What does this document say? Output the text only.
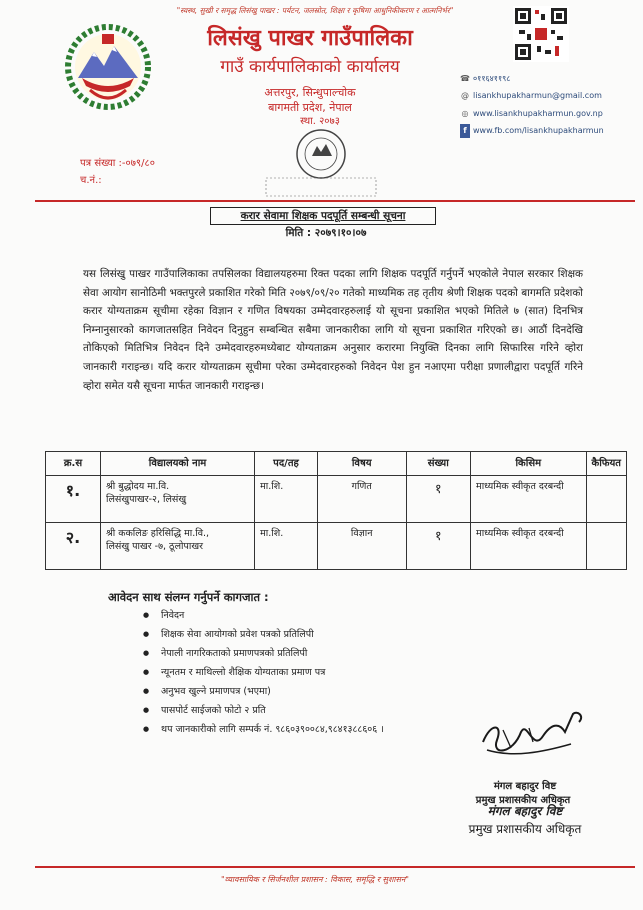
"स्वस्थ, सुखी र समृद्ध लिसंखु पाखर : पर्यटन, जलस्रोत, शिक्षा र कृषिमा आधुनिकीकरण र आत्मनिर्भर"
लिसंखु पाखर गाउँपालिका
गाउँ कार्यपालिकाको कार्यालय
अत्तरपुर, सिन्धुपाल्चोक
बागमती प्रदेश, नेपाल
स्था. २०७३
☎ ०११६४११९८
@ lisankhupakharmun@gmail.com
◎ www.lisankhupakharmun.gov.np
f www.fb.com/lisankhupakharmun
पत्र संख्या :-०७९/८०
च.नं.:
करार सेवामा शिक्षक पदपूर्ति सम्बन्धी सूचना
मिति : २०७९।१०।०७
यस लिसंखु पाखर गाउँपालिकाका तपसिलका विद्यालयहरुमा रिक्त पदका लागि शिक्षक पदपूर्ति गर्नुपर्ने भएकोले नेपाल सरकार शिक्षक सेवा आयोग सानोठिमी भक्तपुरले प्रकाशित गरेको मिति २०७९/०९/२० गतेको माध्यमिक तह तृतीय श्रेणी शिक्षक पदको बागमति प्रदेशको करार योग्यताक्रम सूचीमा रहेका विज्ञान र गणित विषयका उम्मेदवारहरुलाई यो सूचना प्रकाशित भएको मितिले ७ (सात) दिनभित्र निम्नानुसारको कागजातसहित निवेदन दिनुहुन सम्बन्धित सबैमा जानकारीका लागि यो सूचना प्रकाशित गरिएको छ। आठौं दिनदेखि तोकिएको मितिभित्र निवेदन दिने उम्मेदवारहरुमध्येबाट योग्यताक्रम अनुसार करारमा नियुक्ति दिनका लागि सिफारिस गरिने व्होरा जानकारी गराइन्छ। यदि करार योग्यताक्रम सूचीमा परेका उम्मेदवारहरुको निवेदन पेश हुन नआएमा परीक्षा प्रणालीद्वारा पदपूर्ति गरिने व्होरा समेत यसै सूचना मार्फत जानकारी गराइन्छ।
क्र.स	विद्यालयको नाम	पद/तह	विषय	संख्या	किसिम	कैफियत
१.	श्री बुद्धोदय मा.वि.
लिसंखुपाखर-२, लिसंखु	मा.शि.	गणित	१	माध्यमिक स्वीकृत दरबन्दी	
२.	श्री ककलिङ हरिसिद्धि मा.वि.,
लिसंखु पाखर -७, ठूलोपाखर	मा.शि.	विज्ञान	१	माध्यमिक स्वीकृत दरबन्दी	
आवेदन साथ संलग्न गर्नुपर्ने कागजात :
● निवेदन
● शिक्षक सेवा आयोगको प्रवेश पत्रको प्रतिलिपी
● नेपाली नागरिकताको प्रमाणपत्रको प्रतिलिपी
● न्यूनतम र माथिल्लो शैक्षिक योग्यताका प्रमाण पत्र
● अनुभव खुल्ने प्रमाणपत्र (भएमा)
● पासपोर्ट साईजको फोटो २ प्रति
● थप जानकारीको लागि सम्पर्क नं. ९८६०३९००८४,९८४१३८८६०६ ।
मंगल बहादुर विष्ट
प्रमुख प्रशासकीय अधिकृत
मंगल बहादुर विष्ट
प्रमुख प्रशासकीय अधिकृत
"व्यावसायिक र सिर्जनशील प्रशासन : विकास, समृद्धि र सुशासन"
